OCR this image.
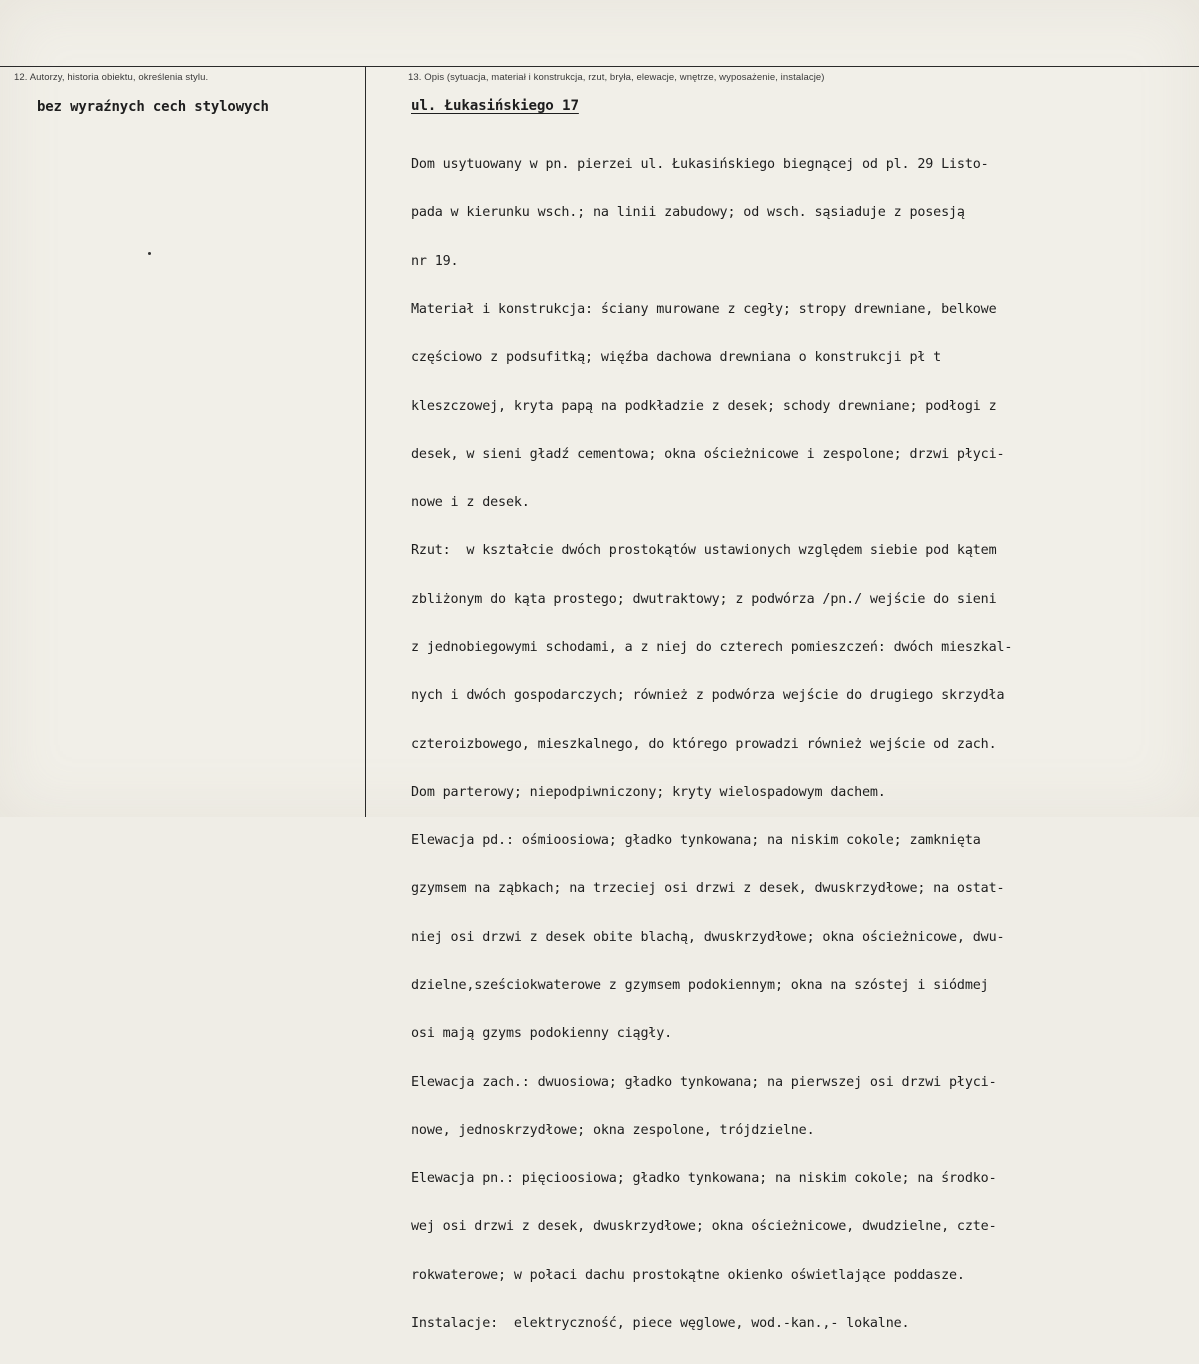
12. Autorzy, historia obiektu, określenia stylu.	13. Opis (sytuacja, materiał i konstrukcja, rzut, bryła, elewacje, wnętrze, wyposażenie, instalacje)
bez wyraźnych cech stylowych	ul. Łukasińskiego 17

Dom usytuowany w pn. pierzei ul. Łukasińskiego biegnącej od pl. 29 Listo-

pada w kierunku wsch.; na linii zabudowy; od wsch. sąsiaduje z posesją

nr 19.

Materiał i konstrukcja: ściany murowane z cegły; stropy drewniane, belkowe

częściowo z podsufitką; więźba dachowa drewniana o konstrukcji pł t

kleszczowej, kryta papą na podkładzie z desek; schody drewniane; podłogi z

desek, w sieni gładź cementowa; okna ościeżnicowe i zespolone; drzwi płyci-

nowe i z desek.

Rzut:  w kształcie dwóch prostokątów ustawionych względem siebie pod kątem

zbliżonym do kąta prostego; dwutraktowy; z podwórza /pn./ wejście do sieni

z jednobiegowymi schodami, a z niej do czterech pomieszczeń: dwóch mieszkal-

nych i dwóch gospodarczych; również z podwórza wejście do drugiego skrzydła

czteroizbowego, mieszkalnego, do którego prowadzi również wejście od zach.

Dom parterowy; niepodpiwniczony; kryty wielospadowym dachem.

Elewacja pd.: ośmioosiowa; gładko tynkowana; na niskim cokole; zamknięta

gzymsem na ząbkach; na trzeciej osi drzwi z desek, dwuskrzydłowe; na ostat-

niej osi drzwi z desek obite blachą, dwuskrzydłowe; okna ościeżnicowe, dwu-

dzielne,sześciokwaterowe z gzymsem podokiennym; okna na szóstej i siódmej

osi mają gzyms podokienny ciągły.

Elewacja zach.: dwuosiowa; gładko tynkowana; na pierwszej osi drzwi płyci-

nowe, jednoskrzydłowe; okna zespolone, trójdzielne.

Elewacja pn.: pięcioosiowa; gładko tynkowana; na niskim cokole; na środko-

wej osi drzwi z desek, dwuskrzydłowe; okna ościeżnicowe, dwudzielne, czte-

rokwaterowe; w połaci dachu prostokątne okienko oświetlające poddasze.

Instalacje:  elektryczność, piece węglowe, wod.-kan.,- lokalne.
